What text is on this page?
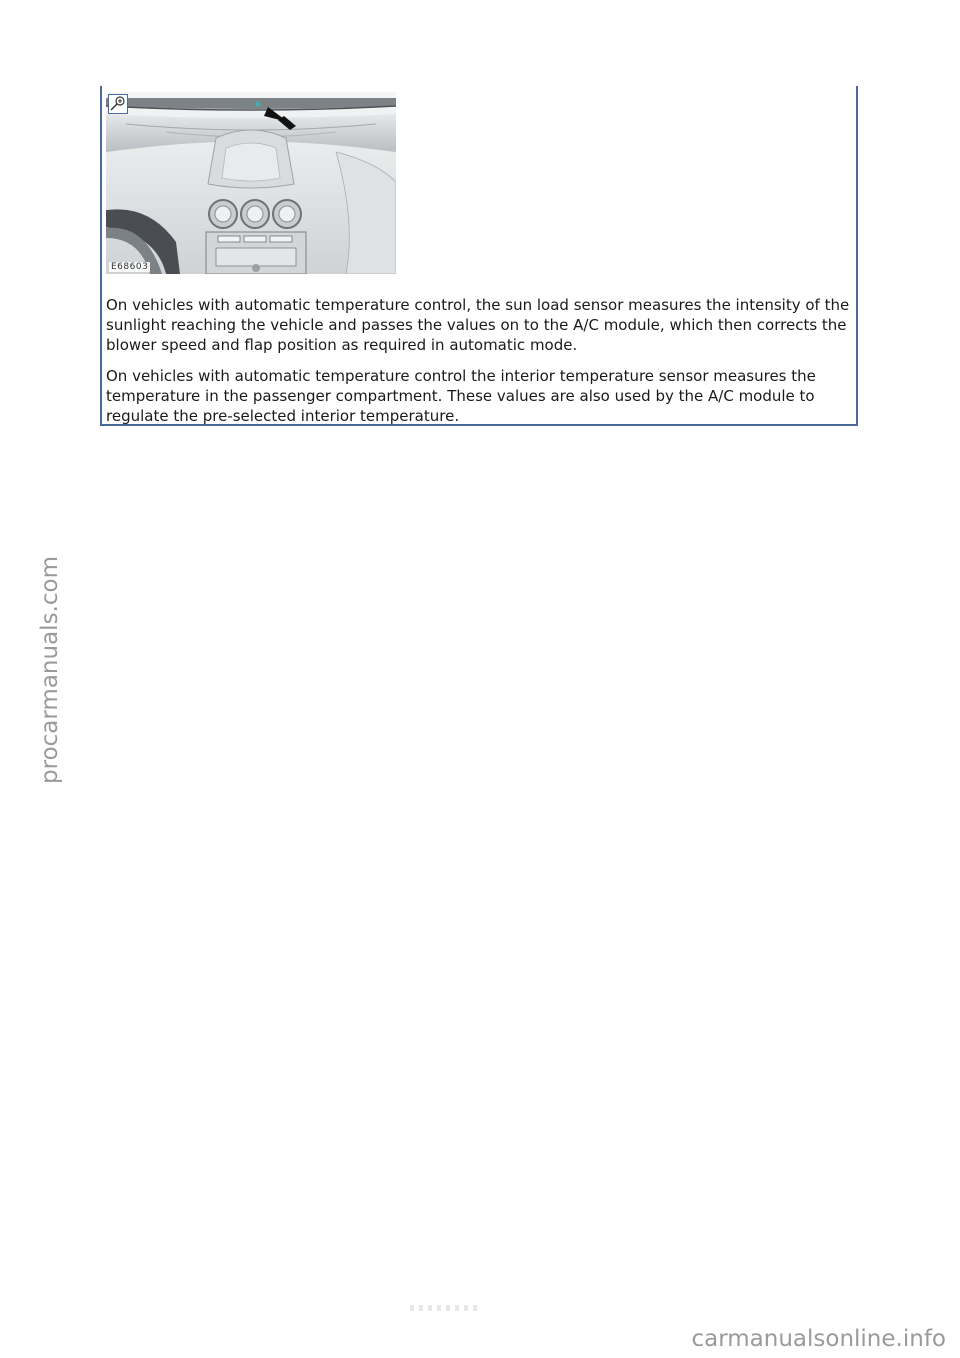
E68603

On vehicles with automatic temperature control, the sun load sensor measures the intensity of the sunlight reaching the vehicle and passes the values on to the A/C module, which then corrects the blower speed and flap position as required in automatic mode.

On vehicles with automatic temperature control the interior temperature sensor measures the temperature in the passenger compartment. These values are also used by the A/C module to regulate the pre-selected interior temperature.

procarmanuals.com
carmanualsonline.info
